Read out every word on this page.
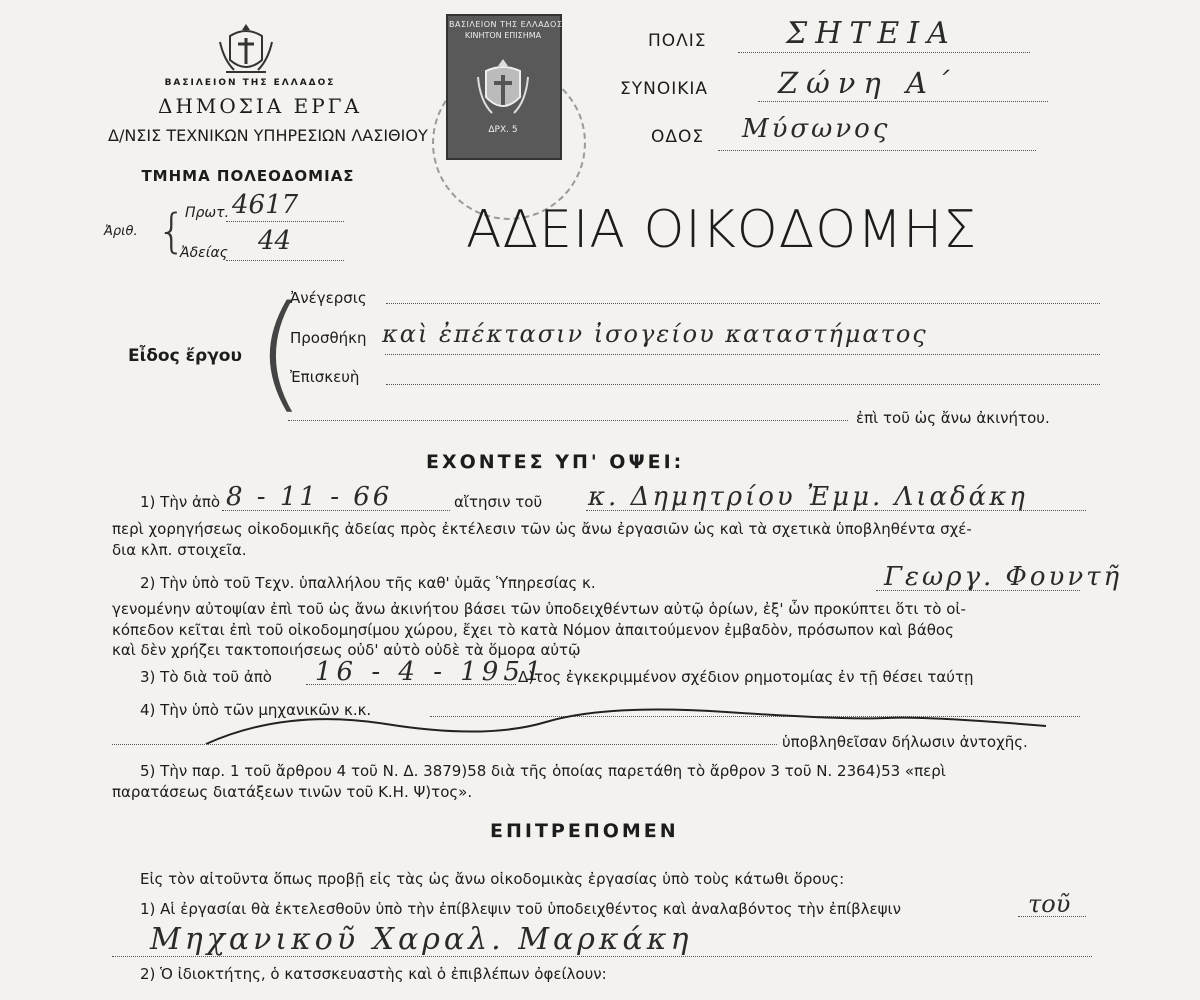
ΒΑΣΙΛΕΙΟΝ ΤΗΣ ΕΛΛΑΔΟΣ
ΔΗΜΟΣΙΑ ΕΡΓΑ
Δ/ΝΣΙΣ ΤΕΧΝΙΚΩΝ ΥΠΗΡΕΣΙΩΝ ΛΑΣΙΘΙΟΥ
ΤΜΗΜΑ ΠΟΛΕΟΔΟΜΙΑΣ
Ἀριθ. {
Πρωτ. 4617
Ἀδείας 44
ΒΑΣΙΛΕΙΟΝ ΤΗΣ ΕΛΛΑΔΟΣ
ΚΙΝΗΤΟΝ ΕΠΙΣΗΜΑ
ΔΡΧ. 5
ΠΟΛΙΣ	ΣΗΤΕΙΑ
ΣΥΝΟΙΚΙΑ Ζώνη Α΄
ΟΔΟΣ Μύσωνος
ΑΔΕΙΑ ΟΙΚΟΔΟΜΗΣ
Εἶδος ἔργου (
Ἀνέγερσις
Προσθήκη καὶ ἐπέκτασιν ἰσογείου καταστήματος
Ἐπισκευὴ
ἐπὶ τοῦ ὡς ἄνω ἀκινήτου.
ΕΧΟΝΤΕΣ ΥΠ' ΟΨΕΙ:
1) Τὴν ἀπὸ 8 - 11 - 66	αἴτησιν τοῦ κ. Δημητρίου Ἐμμ. Λιαδάκη
περὶ χορηγήσεως οἰκοδομικῆς ἀδείας πρὸς ἐκτέλεσιν τῶν ὡς ἄνω ἐργασιῶν ὡς καὶ τὰ σχετικὰ ὑποβληθέντα σχέ-
δια κλπ. στοιχεῖα.
2) Τὴν ὑπὸ τοῦ Τεχν. ὑπαλλήλου τῆς καθ' ὑμᾶς Ὑπηρεσίας κ.	Γεωργ. Φουντῆ
γενομένην αὐτοψίαν ἐπὶ τοῦ ὡς ἄνω ἀκινήτου βάσει τῶν ὑποδειχθέντων αὐτῷ ὁρίων, ἐξ' ὧν προκύπτει ὅτι τὸ οἰ-
κόπεδον κεῖται ἐπὶ τοῦ οἰκοδομησίμου χώρου, ἔχει τὸ κατὰ Νόμον ἀπαιτούμενον ἐμβαδὸν, πρόσωπον καὶ βάθος
καὶ δὲν χρήζει τακτοποιήσεως οὐδ' αὐτὸ οὐδὲ τὰ ὅμορα αὐτῷ
3) Τὸ διὰ τοῦ ἀπὸ 16 - 4 - 1951
Δ)τος ἐγκεκριμμένον σχέδιον ρημοτομίας ἐν τῇ θέσει ταύτῃ
4) Τὴν ὑπὸ τῶν μηχανικῶν κ.κ.
ὑποβληθεῖσαν δήλωσιν ἀντοχῆς.
5) Τὴν παρ. 1 τοῦ ἄρθρου 4 τοῦ Ν. Δ. 3879)58 διὰ τῆς ὁποίας παρετάθη τὸ ἄρθρον 3 τοῦ Ν. 2364)53 «περὶ
παρατάσεως διατάξεων τινῶν τοῦ Κ.Η. Ψ)τος».
ΕΠΙΤΡΕΠΟΜΕΝ
Εἰς τὸν αἰτοῦντα ὅπως προβῇ εἰς τὰς ὡς ἄνω οἰκοδομικὰς ἐργασίας ὑπὸ τοὺς κάτωθι ὅρους:
1) Αἱ ἐργασίαι θὰ ἐκτελεσθοῦν ὑπὸ τὴν ἐπίβλεψιν τοῦ ὑποδειχθέντος καὶ ἀναλαβόντος τὴν ἐπίβλεψιν	τοῦ
Μηχανικοῦ Χαραλ. Μαρκάκη
2) Ὁ ἰδιοκτήτης, ὁ κατσσκευαστὴς καὶ ὁ ἐπιβλέπων ὀφείλουν:
